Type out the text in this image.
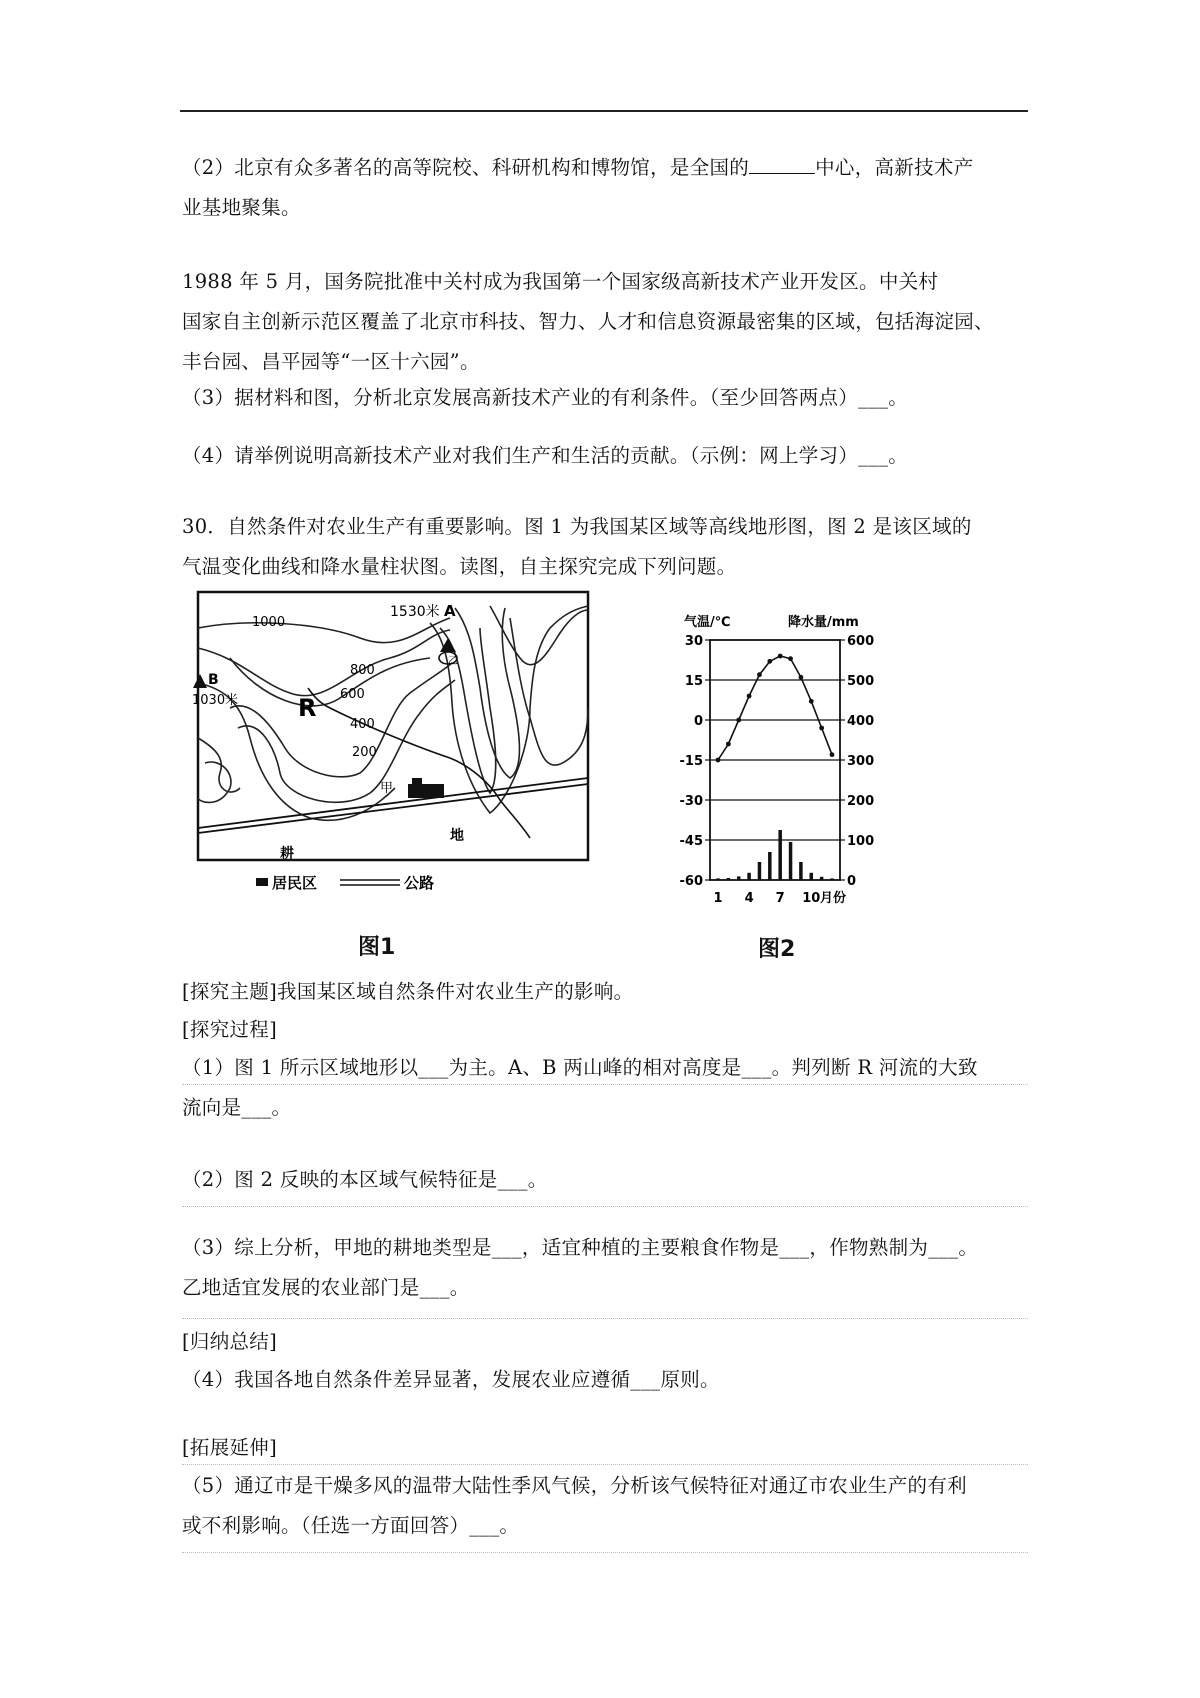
（2）北京有众多著名的高等院校、科研机构和博物馆，是全国的	中心，高新技术产
业基地聚集。
1988 年 5 月，国务院批准中关村成为我国第一个国家级高新技术产业开发区。中关村
国家自主创新示范区覆盖了北京市科技、智力、人才和信息资源最密集的区域，包括海淀园、
丰台园、昌平园等“一区十六园”。
（3）据材料和图，分析北京发展高新技术产业的有利条件。（至少回答两点）___。
（4）请举例说明高新技术产业对我们生产和生活的贡献。（示例：网上学习）___。
30．自然条件对农业生产有重要影响。图 1 为我国某区域等高线地形图，图 2 是该区域的
气温变化曲线和降水量柱状图。读图，自主探究完成下列问题。
1000
800
600
400
200
1530米 A
B
1030米 R
甲
乙
耕
地
居民区	公路
图1
气温/℃	降水量/mm
30
15
0
-15
-30
-45
-60
600
500
400
300
200
100
0
1 4 7 10 月份
图2
[探究主题]我国某区域自然条件对农业生产的影响。
[探究过程]
（1）图 1 所示区域地形以___为主。A、B 两山峰的相对高度是___。判列断 R 河流的大致
流向是___。
（2）图 2 反映的本区域气候特征是___。
（3）综上分析，甲地的耕地类型是___，适宜种植的主要粮食作物是___，作物熟制为___。
乙地适宜发展的农业部门是___。
[归纳总结]
（4）我国各地自然条件差异显著，发展农业应遵循___原则。
[拓展延伸]
（5）通辽市是干燥多风的温带大陆性季风气候，分析该气候特征对通辽市农业生产的有利
或不利影响。（任选一方面回答）___。
